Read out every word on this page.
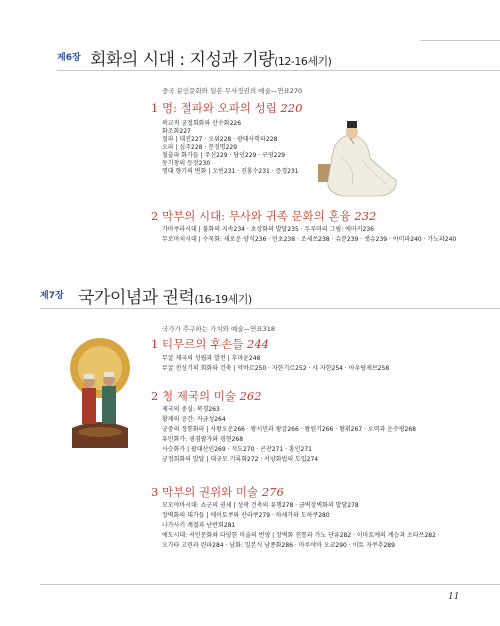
제6장 회화의 시대 : 지성과 기량(12-16세기)
중국 분인문화와 일본 무사정권의 예술—연표270
1 명: 절파와 오파의 성립 220
북교적 궁정회화와 산수화226
화조화227
절파 | 대진227 · 오위228 · 광태사학파228
오파 | 심주228 · 문징명229
철출파 화가들 | 주신229 · 당인229 · 구영229
동기창의 등장230
명대 향기의 변화 | 오빈231 · 진홍수231 · 증경231
2 막부의 시대: 무사와 귀족 문화의 혼융 232
가마쿠라시대 | 불화의 지속234 · 초상화의 발달235 · 두루마리 그림: 에마키236
무로마치시대 | 수묵화: 새로운 양식236 · 민초238 · 조세쓰238 · 슈분239 · 셋슈239 · 아미파240 · 가노파240
제7장 국가이념과 권력(16-19세기)
국가가 추구하는 가치와 예술—연표318
1 티무르의 후손들 244
무굴 제국의 성립과 발전 | 후마윤248
무굴 전성기의 회화와 건축 | 악바르250 · 자한기르252 · 샤 자한254 · 아우랑제브258
2 청 제국의 미술 262
제국의 중심: 북경263
황제의 공간: 자금성264
궁중의 정통화파 | 사왕오운266 · 왕시민과 왕감266 · 왕원기266 · 왕휘267 · 오력과 운수평268
유민화가: 굉겸팔가와 굉현268
사승화가 | 팔대산인269 · 석도270 · 곤잔271 · 홍인271
궁정회화의 발달 | 대규모 기록화272 · 서양화법의 도입274
3 막부의 권위와 미술 276
모모야마시대: 쇼군의 권세 | 성곽 건축의 유행278 · 금벽장벽화의 발달278
장벽화의 대가들 | 에이토쿠와 산라쿠279 · 하세가와 도하쿠280
나가사키 계절과 난반회281
에도시대: 서민문화와 다양한 미술의 번영 | 장벽화 전통과 가노 단유282 · 이마토에의 계승과 소타쓰282 ·
오가타 고린과 린파284 · 남화: 일본식 남종화286 · 마루야마 오쿄290 · 이토 자쿠추289
11
